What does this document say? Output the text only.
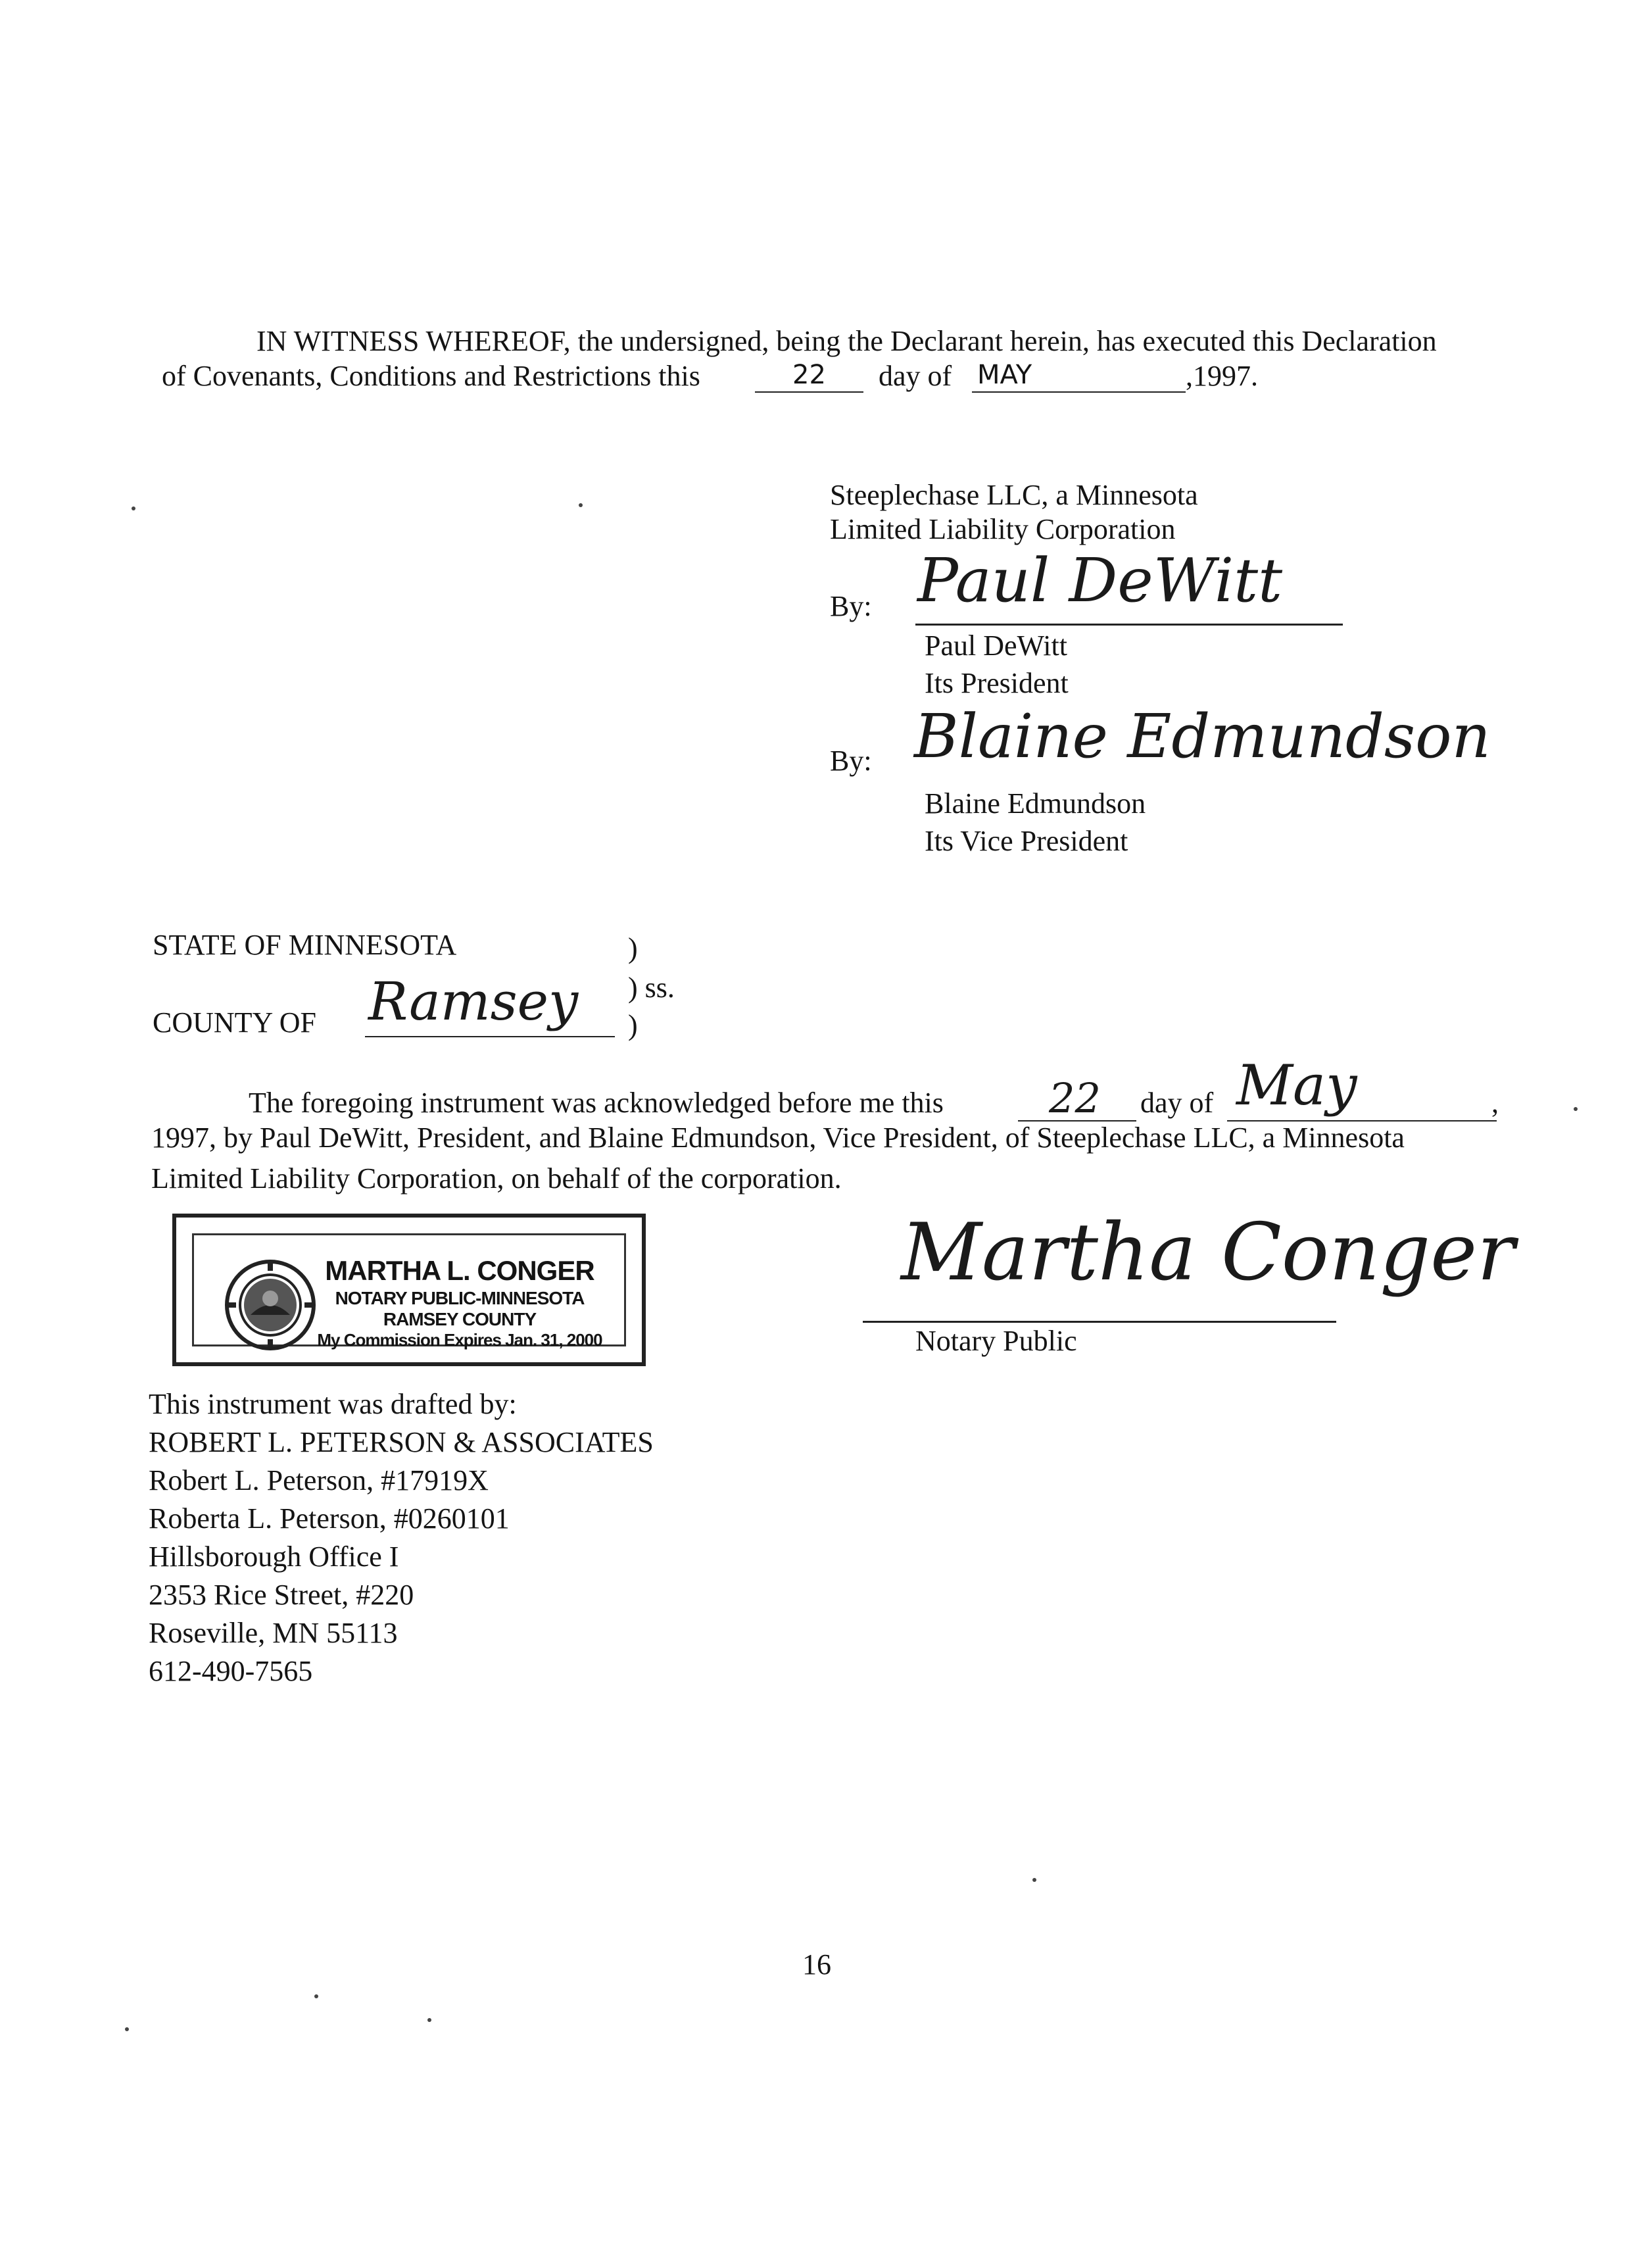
IN WITNESS WHEREOF, the undersigned, being the Declarant herein, has executed this Declaration
of Covenants, Conditions and Restrictions this	22	day of MAY	,1997.
Steeplechase LLC, a Minnesota
Limited Liability Corporation
By: Paul DeWitt
Paul DeWitt
Its President
By: Blaine Edmundson
Blaine Edmundson
Its Vice President
STATE OF MINNESOTA	)
) ss.
COUNTY OF Ramsey )
The foregoing instrument was acknowledged before me this	22 day of May	,
1997, by Paul DeWitt, President, and Blaine Edmundson, Vice President, of Steeplechase LLC, a Minnesota
Limited Liability Corporation, on behalf of the corporation.
MARTHA L. CONGER
NOTARY PUBLIC-MINNESOTA
RAMSEY COUNTY
My Commission Expires Jan. 31, 2000
Martha Conger
Notary Public
This instrument was drafted by:
ROBERT L. PETERSON & ASSOCIATES
Robert L. Peterson, #17919X
Roberta L. Peterson, #0260101
Hillsborough Office I
2353 Rice Street, #220
Roseville, MN 55113
612-490-7565
16
